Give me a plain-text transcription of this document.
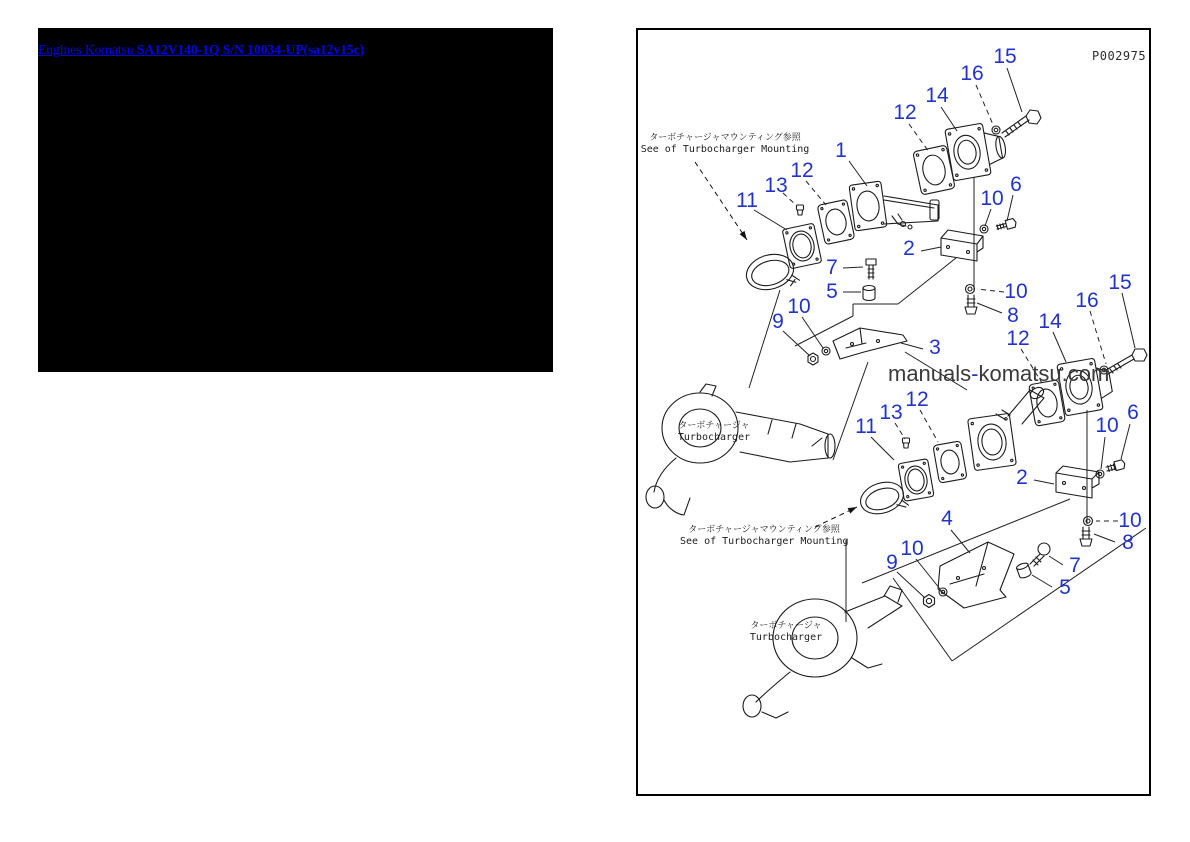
Engines Komatsu SA12V140-1Q S/N 10034-UP(sa12v15c)	P002975
manuals-komatsu.com
ターボチャージャマウンティング参照
See of Turbocharger Mounting
ターボチャージャ
Turbocharger
ターボチャージャマウンティング参照
See of Turbocharger Mounting
ターボチャージャ
Turbocharger
15
16
14
12
1
12
13
11
6
10
2
7
5	10
8
10
9
3
15
16
14
12
12
13
11
6
10
2
4	10
8
10
9	7
5
